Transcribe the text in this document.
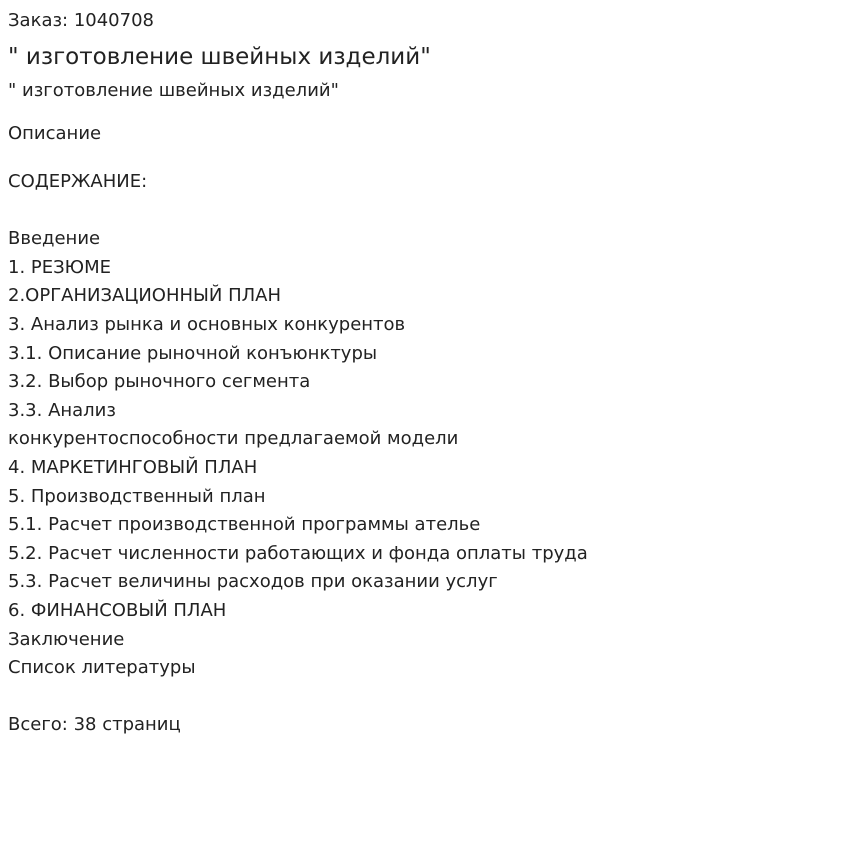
Заказ: 1040708

" изготовление швейных изделий"

" изготовление швейных изделий"

Описание

СОДЕРЖАНИЕ:
Введение
1. РЕЗЮМЕ
2.ОРГАНИЗАЦИОННЫЙ ПЛАН
3. Анализ рынка и основных конкурентов
3.1. Описание рыночной конъюнктуры
3.2. Выбор рыночного сегмента
3.3. Анализ
конкурентоспособности предлагаемой модели
4. МАРКЕТИНГОВЫЙ ПЛАН
5. Производственный план
5.1. Расчет производственной программы ателье
5.2. Расчет численности работающих и фонда оплаты труда
5.3. Расчет величины расходов при оказании услуг
6. ФИНАНСОВЫЙ ПЛАН
Заключение
Список литературы
Всего: 38 страниц
